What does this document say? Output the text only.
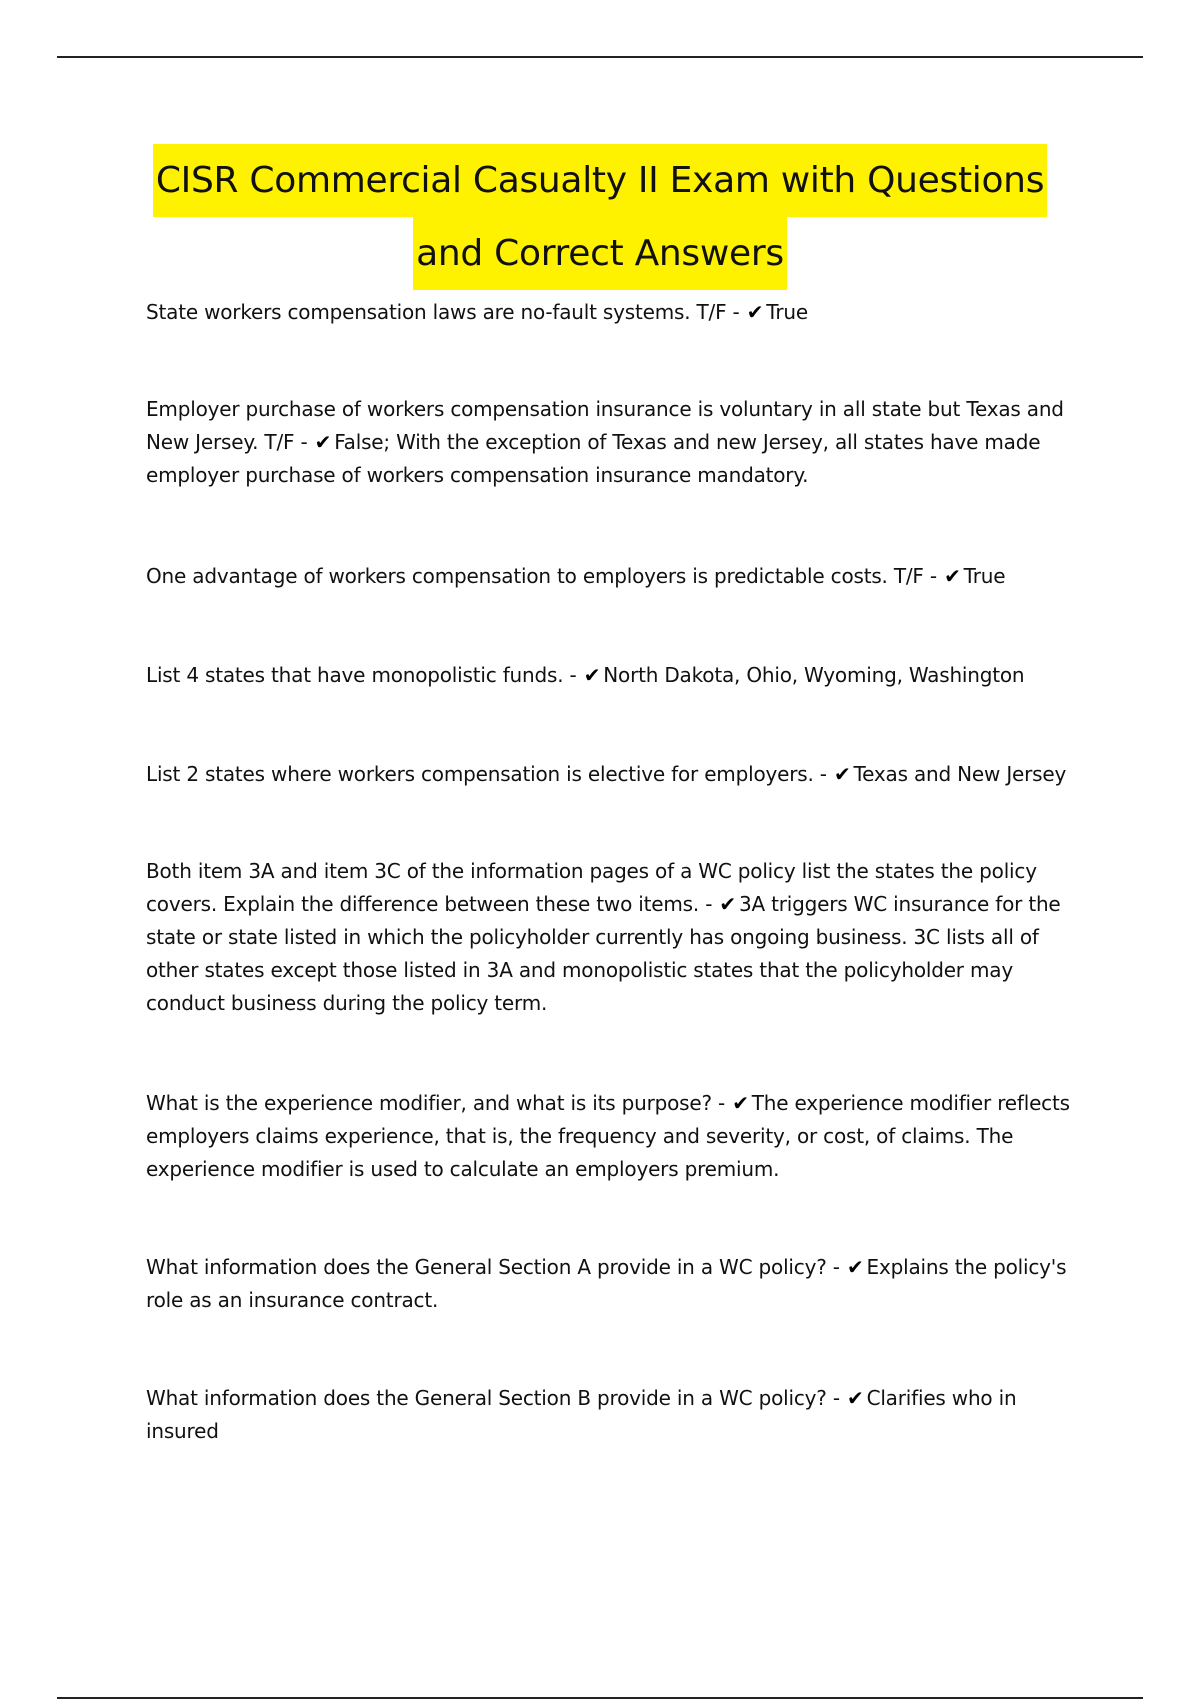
CISR Commercial Casualty II Exam with Questions
and Correct Answers
State workers compensation laws are no-fault systems. T/F - ✔ True
Employer purchase of workers compensation insurance is voluntary in all state but Texas and New Jersey. T/F - ✔ False; With the exception of Texas and new Jersey, all states have made employer purchase of workers compensation insurance mandatory.
One advantage of workers compensation to employers is predictable costs. T/F - ✔ True
List 4 states that have monopolistic funds. - ✔ North Dakota, Ohio, Wyoming, Washington
List 2 states where workers compensation is elective for employers. - ✔ Texas and New Jersey
Both item 3A and item 3C of the information pages of a WC policy list the states the policy covers. Explain the difference between these two items. - ✔ 3A triggers WC insurance for the state or state listed in which the policyholder currently has ongoing business. 3C lists all of other states except those listed in 3A and monopolistic states that the policyholder may conduct business during the policy term.
What is the experience modifier, and what is its purpose? - ✔ The experience modifier reflects employers claims experience, that is, the frequency and severity, or cost, of claims. The experience modifier is used to calculate an employers premium.
What information does the General Section A provide in a WC policy? - ✔ Explains the policy's role as an insurance contract.
What information does the General Section B provide in a WC policy? - ✔ Clarifies who in insured
